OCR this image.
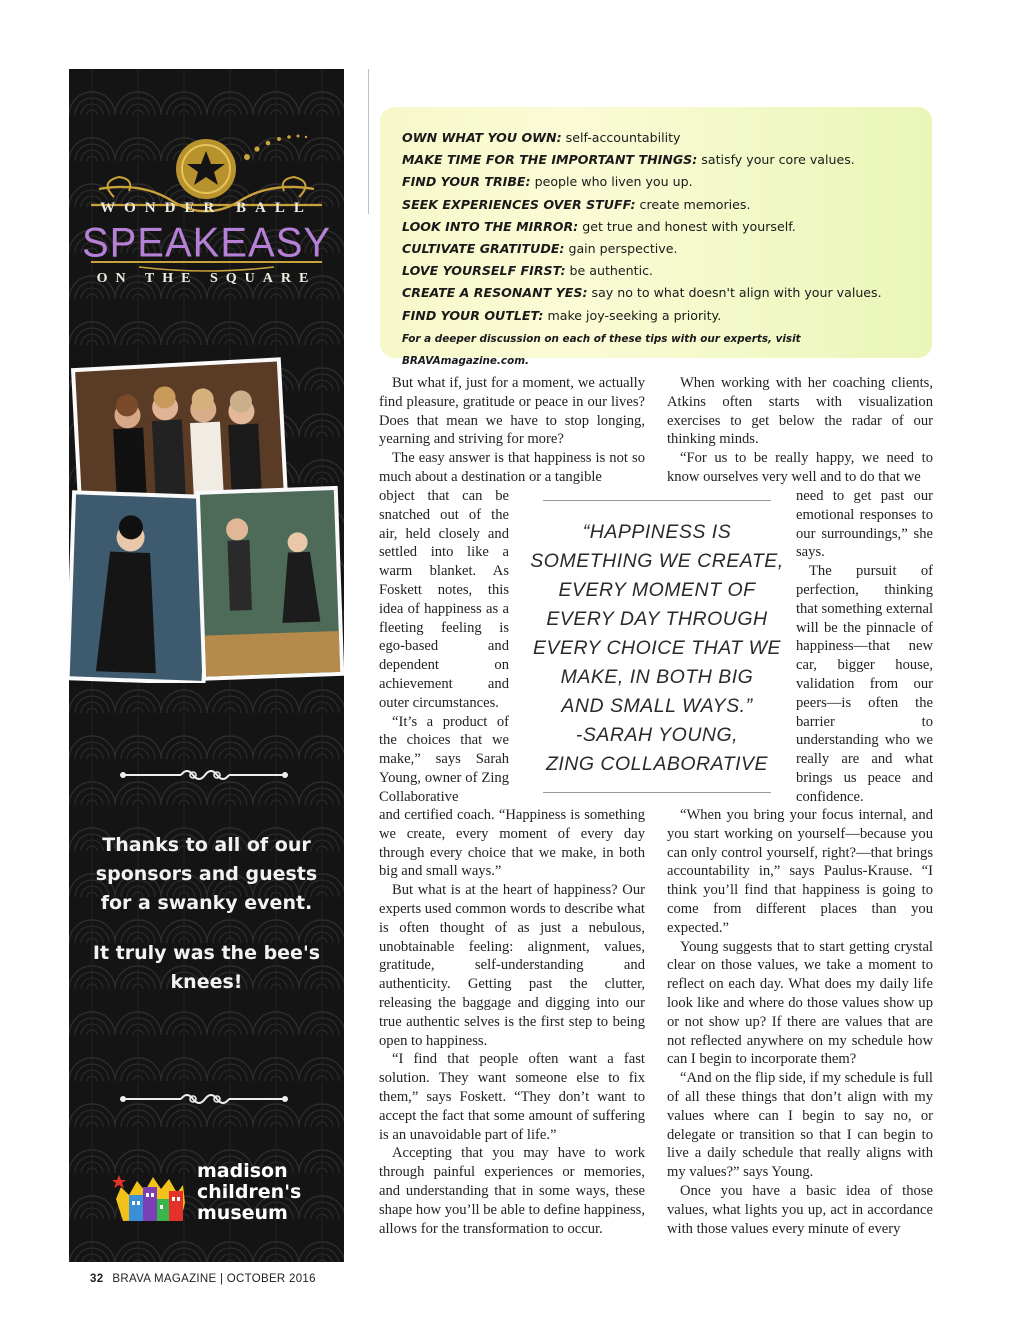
WONDER BALL
SPEAKEASY
ON THE SQUARE

Thanks to all of our sponsors and guests for a swanky event.

It truly was the bee's knees!

madison
children's
museum
OWN WHAT YOU OWN: self-accountability
MAKE TIME FOR THE IMPORTANT THINGS: satisfy your core values.
FIND YOUR TRIBE: people who liven you up.
SEEK EXPERIENCES OVER STUFF: create memories.
LOOK INTO THE MIRROR: get true and honest with yourself.
CULTIVATE GRATITUDE: gain perspective.
LOVE YOURSELF FIRST: be authentic.
CREATE A RESONANT YES: say no to what doesn't align with your values.
FIND YOUR OUTLET: make joy-seeking a priority.
For a deeper discussion on each of these tips with our experts, visit BRAVAmagazine.com.

But what if, just for a moment, we actually find pleasure, gratitude or peace in our lives? Does that mean we have to stop longing, yearning and striving for more?

The easy answer is that happiness is not so much about a destination or a tangible

object that can be snatched out of the air, held closely and settled into like a warm blanket. As Foskett notes, this idea of happiness as a fleeting feeling is ego-based and dependent on achievement and outer circumstances.

“It’s a product of the choices that we make,” says Sarah Young, owner of Zing Collaborative

and certified coach. “Happiness is something we create, every moment of every day through every choice that we make, in both big and small ways.”

But what is at the heart of happiness? Our experts used common words to describe what is often thought of as just a nebulous, unobtainable feeling: alignment, values, gratitude, self-understanding and authenticity. Getting past the clutter, releasing the baggage and digging into our true authentic selves is the first step to being open to happiness.

“I find that people often want a fast solution. They want someone else to fix them,” says Foskett. “They don’t want to accept the fact that some amount of suffering is an unavoidable part of life.”

Accepting that you may have to work through painful experiences or memories, and understanding that in some ways, these shape how you’ll be able to define happiness, allows for the transformation to occur.

When working with her coaching clients, Atkins often starts with visualization exercises to get below the radar of our thinking minds.

“For us to be really happy, we need to know ourselves very well and to do that we

need to get past our emotional responses to our surroundings,” she says.

The pursuit of perfection, thinking that something external will be the pinnacle of happiness—that new car, bigger house, validation from our peers—is often the barrier to understanding who we really are and what brings us peace and confidence.

“When you bring your focus internal, and you start working on yourself—because you can only control yourself, right?—that brings accountability in,” says Paulus-Krause. “I think you’ll find that happiness is going to come from different places than you expected.”

Young suggests that to start getting crystal clear on those values, we take a moment to reflect on each day. What does my daily life look like and where do those values show up or not show up? If there are values that are not reflected anywhere on my schedule how can I begin to incorporate them?

“And on the flip side, if my schedule is full of all these things that don’t align with my values where can I begin to say no, or delegate or transition so that I can begin to live a daily schedule that really aligns with my values?” says Young.

Once you have a basic idea of those values, what lights you up, act in accordance with those values every minute of every

“HAPPINESS IS
SOMETHING WE CREATE,
EVERY MOMENT OF
EVERY DAY THROUGH
EVERY CHOICE THAT WE
MAKE, IN BOTH BIG
AND SMALL WAYS.”
-SARAH YOUNG,
ZING COLLABORATIVE
32 BRAVA MAGAZINE | OCTOBER 2016
